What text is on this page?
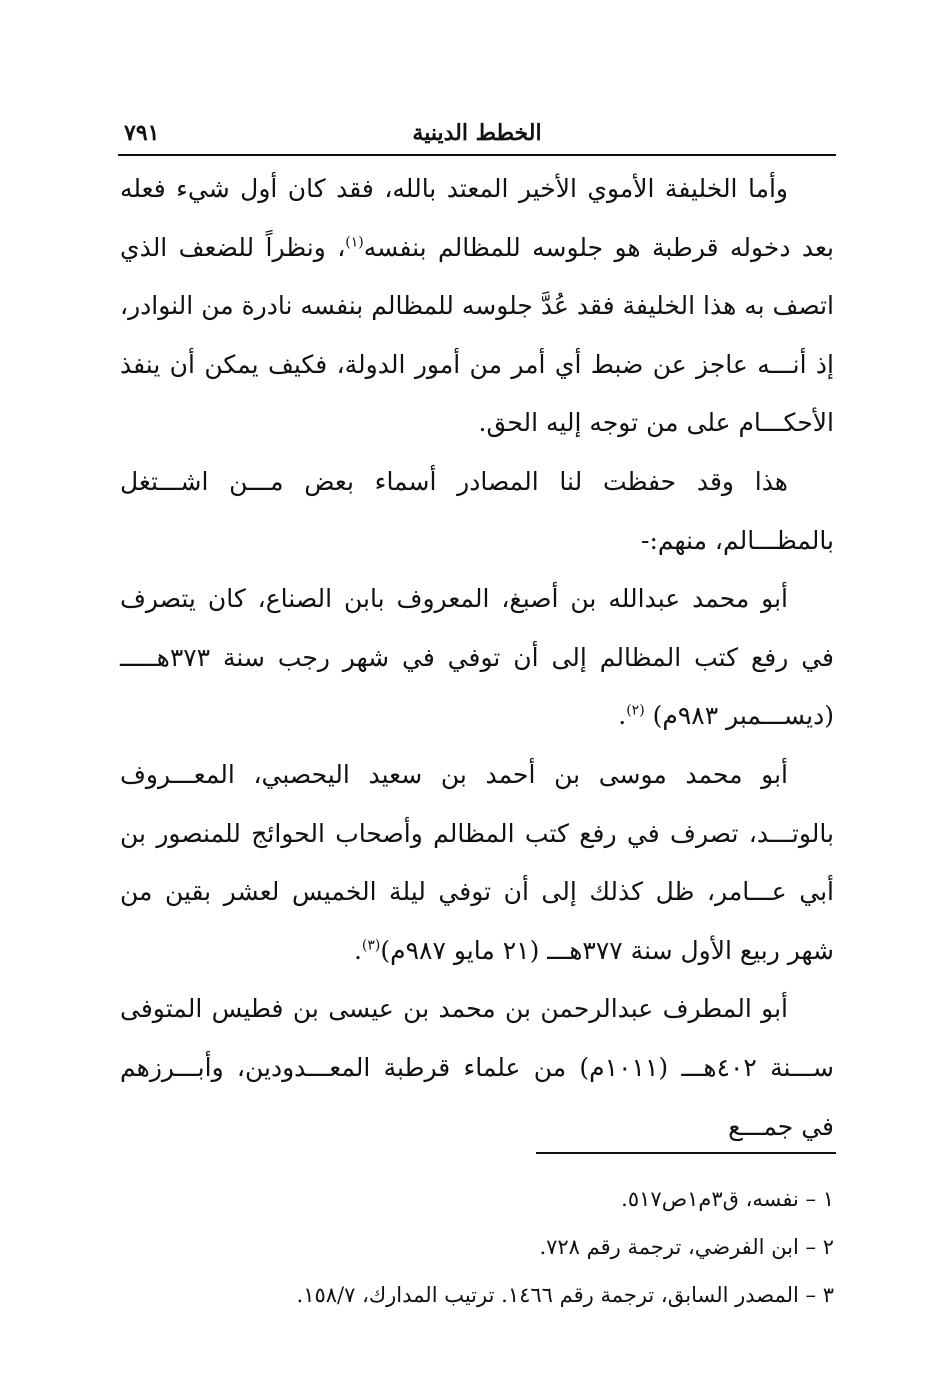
الخطط الدينية
٧٩١

وأما الخليفة الأموي الأخير المعتد بالله، فقد كان أول شيء فعله بعد دخوله قرطبة هو جلوسه للمظالم بنفسه$^{(١)}$، ونظراً للضعف الذي اتصف به هذا الخليفة فقد عُدَّ جلوسه للمظالم بنفسه نادرة من النوادر، إذ أنـــه عاجز عن ضبط أي أمر من أمور الدولة، فكيف يمكن أن ينفذ الأحكـــام على من توجه إليه الحق.

هذا وقد حفظت لنا المصادر أسماء بعض مـــن اشـــتغل بالمظـــالم، منهم:-

أبو محمد عبدالله بن أصبغ، المعروف بابن الصناع، كان يتصرف في رفع كتب المظالم إلى أن توفي في شهر رجب سنة ٣٧٣هـــــ (ديســـمبر ٩٨٣م) $^{(٢)}$.

أبو محمد موسى بن أحمد بن سعيد اليحصبي، المعـــروف بالوتـــد، تصرف في رفع كتب المظالم وأصحاب الحوائج للمنصور بن أبي عـــامر، ظل كذلك إلى أن توفي ليلة الخميس لعشر بقين من شهر ربيع الأول سنة ٣٧٧هـــ (٢١ مايو ٩٨٧م)$^{(٣)}$.

أبو المطرف عبدالرحمن بن محمد بن عيسى بن فطيس المتوفى ســـنة ٤٠٢هـــ (١٠١١م) من علماء قرطبة المعـــدودين، وأبـــرزهم في جمـــع

١ – نفسه، ق٣م١ص٥١٧.

٢ – ابن الفرضي، ترجمة رقم ٧٢٨.

٣ – المصدر السابق، ترجمة رقم ١٤٦٦. ترتيب المدارك، ١٥٨/٧.
